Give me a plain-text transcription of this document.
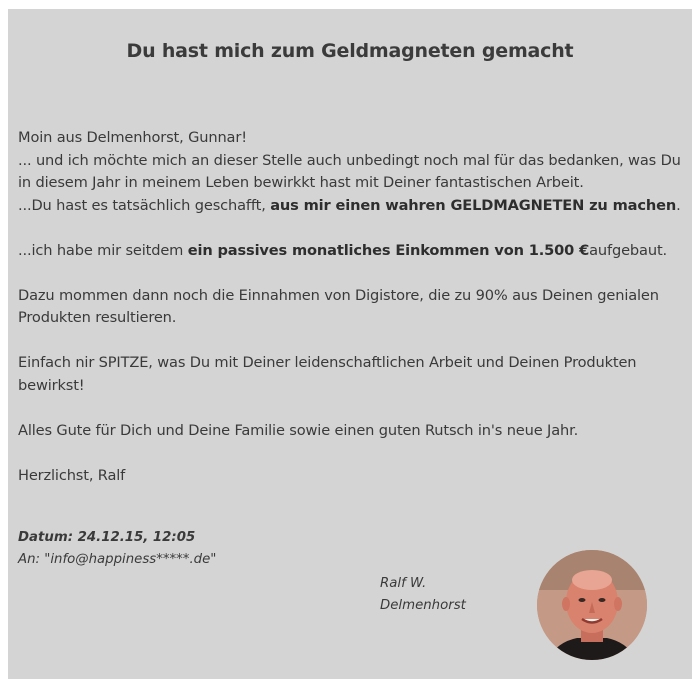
Du hast mich zum Geldmagneten gemacht

Moin aus Delmenhorst, Gunnar!

... und ich möchte mich an dieser Stelle auch unbedingt noch mal für das bedanken, was Du in diesem Jahr in meinem Leben bewirkkt hast mit Deiner fantastischen Arbeit.

...Du hast es tatsächlich geschafft, aus mir einen wahren GELDMAGNETEN zu machen.

...ich habe mir seitdem ein passives monatliches Einkommen von 1.500 €aufgebaut.

Dazu mommen dann noch die Einnahmen von Digistore, die zu 90% aus Deinen genialen Produkten resultieren.

Einfach nir SPITZE, was Du mit Deiner leidenschaftlichen Arbeit und Deinen Produkten bewirkst!

Alles Gute für Dich und Deine Familie sowie einen guten Rutsch in's neue Jahr.

Herzlichst, Ralf

Datum: 24.12.15, 12:05
An: "info@happiness*****.de"
Ralf W.
Delmenhorst
